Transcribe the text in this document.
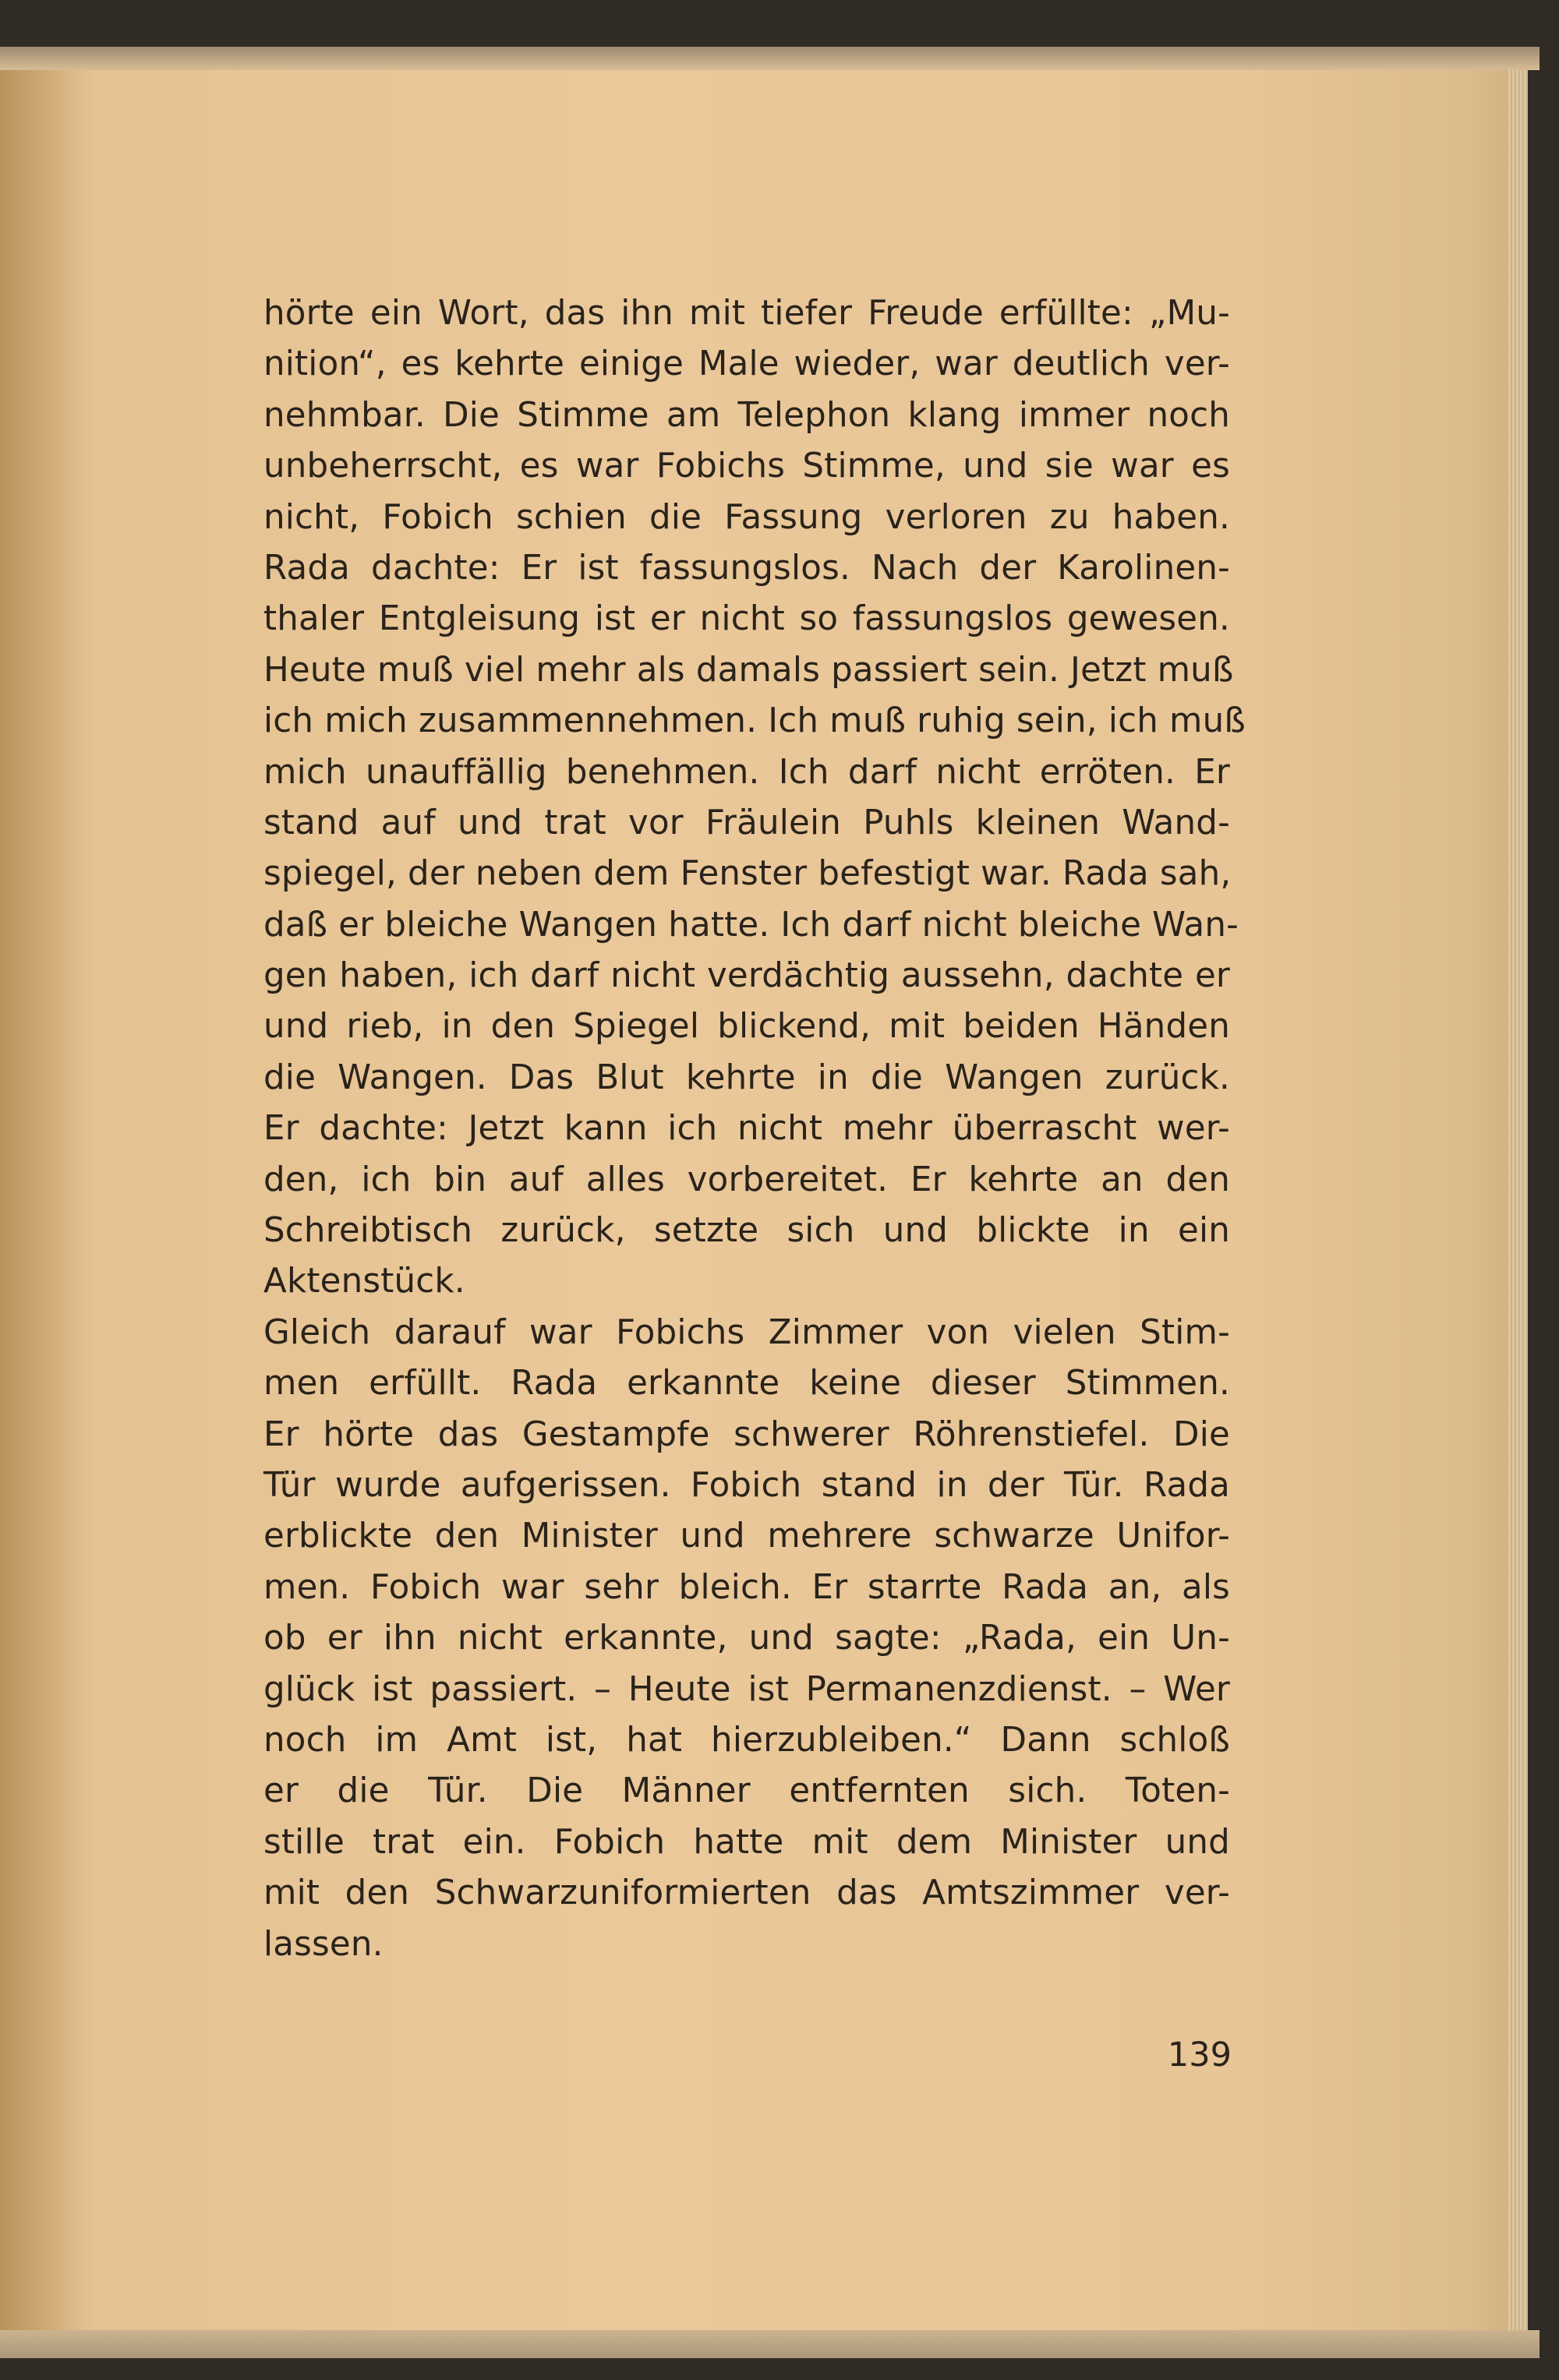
hörte ein Wort, das ihn mit tiefer Freude erfüllte: „Mu-
nition“, es kehrte einige Male wieder, war deutlich ver-
nehmbar. Die Stimme am Telephon klang immer noch
unbeherrscht, es war Fobichs Stimme, und sie war es
nicht, Fobich schien die Fassung verloren zu haben.
Rada dachte: Er ist fassungslos. Nach der Karolinen-
thaler Entgleisung ist er nicht so fassungslos gewesen.
Heute muß viel mehr als damals passiert sein. Jetzt muß
ich mich zusammennehmen. Ich muß ruhig sein, ich muß
mich unauffällig benehmen. Ich darf nicht erröten. Er
stand auf und trat vor Fräulein Puhls kleinen Wand-
spiegel, der neben dem Fenster befestigt war. Rada sah,
daß er bleiche Wangen hatte. Ich darf nicht bleiche Wan-
gen haben, ich darf nicht verdächtig aussehn, dachte er
und rieb, in den Spiegel blickend, mit beiden Händen
die Wangen. Das Blut kehrte in die Wangen zurück.
Er dachte: Jetzt kann ich nicht mehr überrascht wer-
den, ich bin auf alles vorbereitet. Er kehrte an den
Schreibtisch zurück, setzte sich und blickte in ein
Aktenstück.
Gleich darauf war Fobichs Zimmer von vielen Stim-
men erfüllt. Rada erkannte keine dieser Stimmen.
Er hörte das Gestampfe schwerer Röhrenstiefel. Die
Tür wurde aufgerissen. Fobich stand in der Tür. Rada
erblickte den Minister und mehrere schwarze Unifor-
men. Fobich war sehr bleich. Er starrte Rada an, als
ob er ihn nicht erkannte, und sagte: „Rada, ein Un-
glück ist passiert. – Heute ist Permanenzdienst. – Wer
noch im Amt ist, hat hierzubleiben.“ Dann schloß
er die Tür. Die Männer entfernten sich. Toten-
stille trat ein. Fobich hatte mit dem Minister und
mit den Schwarzuniformierten das Amtszimmer ver-
lassen.
139
